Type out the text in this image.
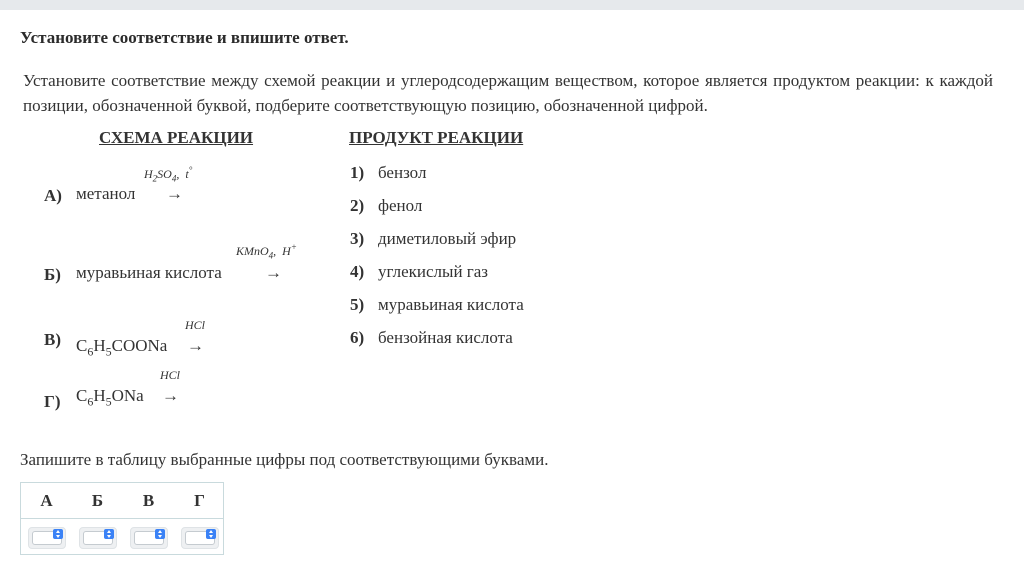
Установите соответствие и впишите ответ.
Установите соответствие между схемой реакции и углеродсодержащим веществом, которое является продуктом реакции: к каждой позиции, обозначенной буквой, подберите соответствующую позицию, обозначенной цифрой.
СХЕМА РЕАКЦИИ	ПРОДУКТ РЕАКЦИИ
А) метанол
$H_2SO_4$,  t°
→
Б) муравьиная кислота
KMnO$_4$,  H+
→
В) $C_6H_5COONa$
HCl
→
Г) $C_6H_5ONa$
HCl
→
1) бензол
2) фенол
3) диметиловый эфир
4) углекислый газ
5) муравьиная кислота
6) бензойная кислота
Запишите в таблицу выбранные цифры под соответствующими буквами.
А	Б	В	Г
